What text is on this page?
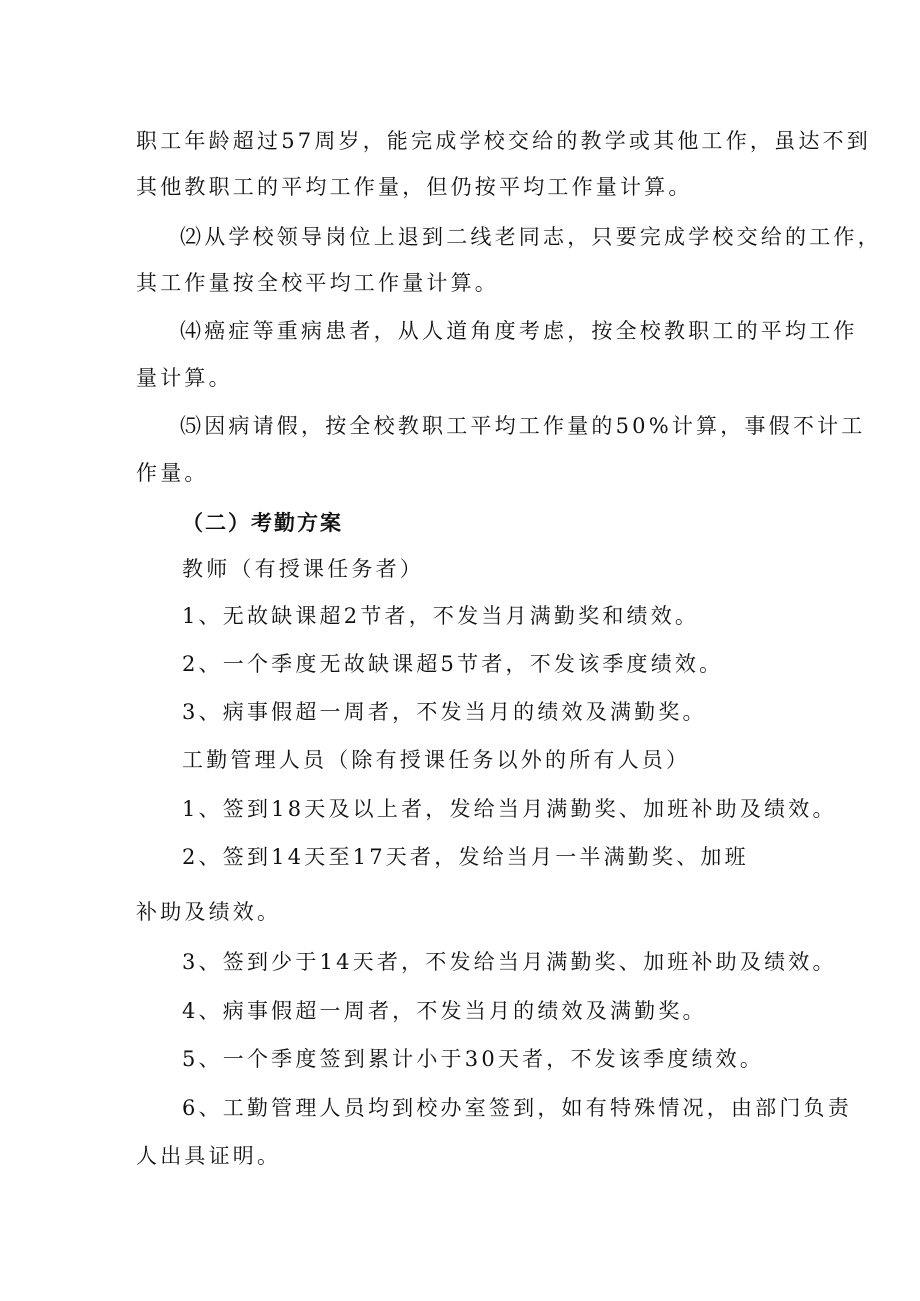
职工年龄超过57周岁，能完成学校交给的教学或其他工作，虽达不到
其他教职工的平均工作量，但仍按平均工作量计算。
⑵从学校领导岗位上退到二线老同志，只要完成学校交给的工作，
其工作量按全校平均工作量计算。
⑷癌症等重病患者，从人道角度考虑，按全校教职工的平均工作
量计算。
⑸因病请假，按全校教职工平均工作量的50%计算，事假不计工
作量。
（二）考勤方案
教师（有授课任务者）
1、无故缺课超2节者，不发当月满勤奖和绩效。
2、一个季度无故缺课超5节者，不发该季度绩效。
3、病事假超一周者，不发当月的绩效及满勤奖。
工勤管理人员（除有授课任务以外的所有人员）
1、签到18天及以上者，发给当月满勤奖、加班补助及绩效。
2、签到14天至17天者，发给当月一半满勤奖、加班
补助及绩效。
3、签到少于14天者，不发给当月满勤奖、加班补助及绩效。
4、病事假超一周者，不发当月的绩效及满勤奖。
5、一个季度签到累计小于30天者，不发该季度绩效。
6、工勤管理人员均到校办室签到，如有特殊情况，由部门负责
人出具证明。
